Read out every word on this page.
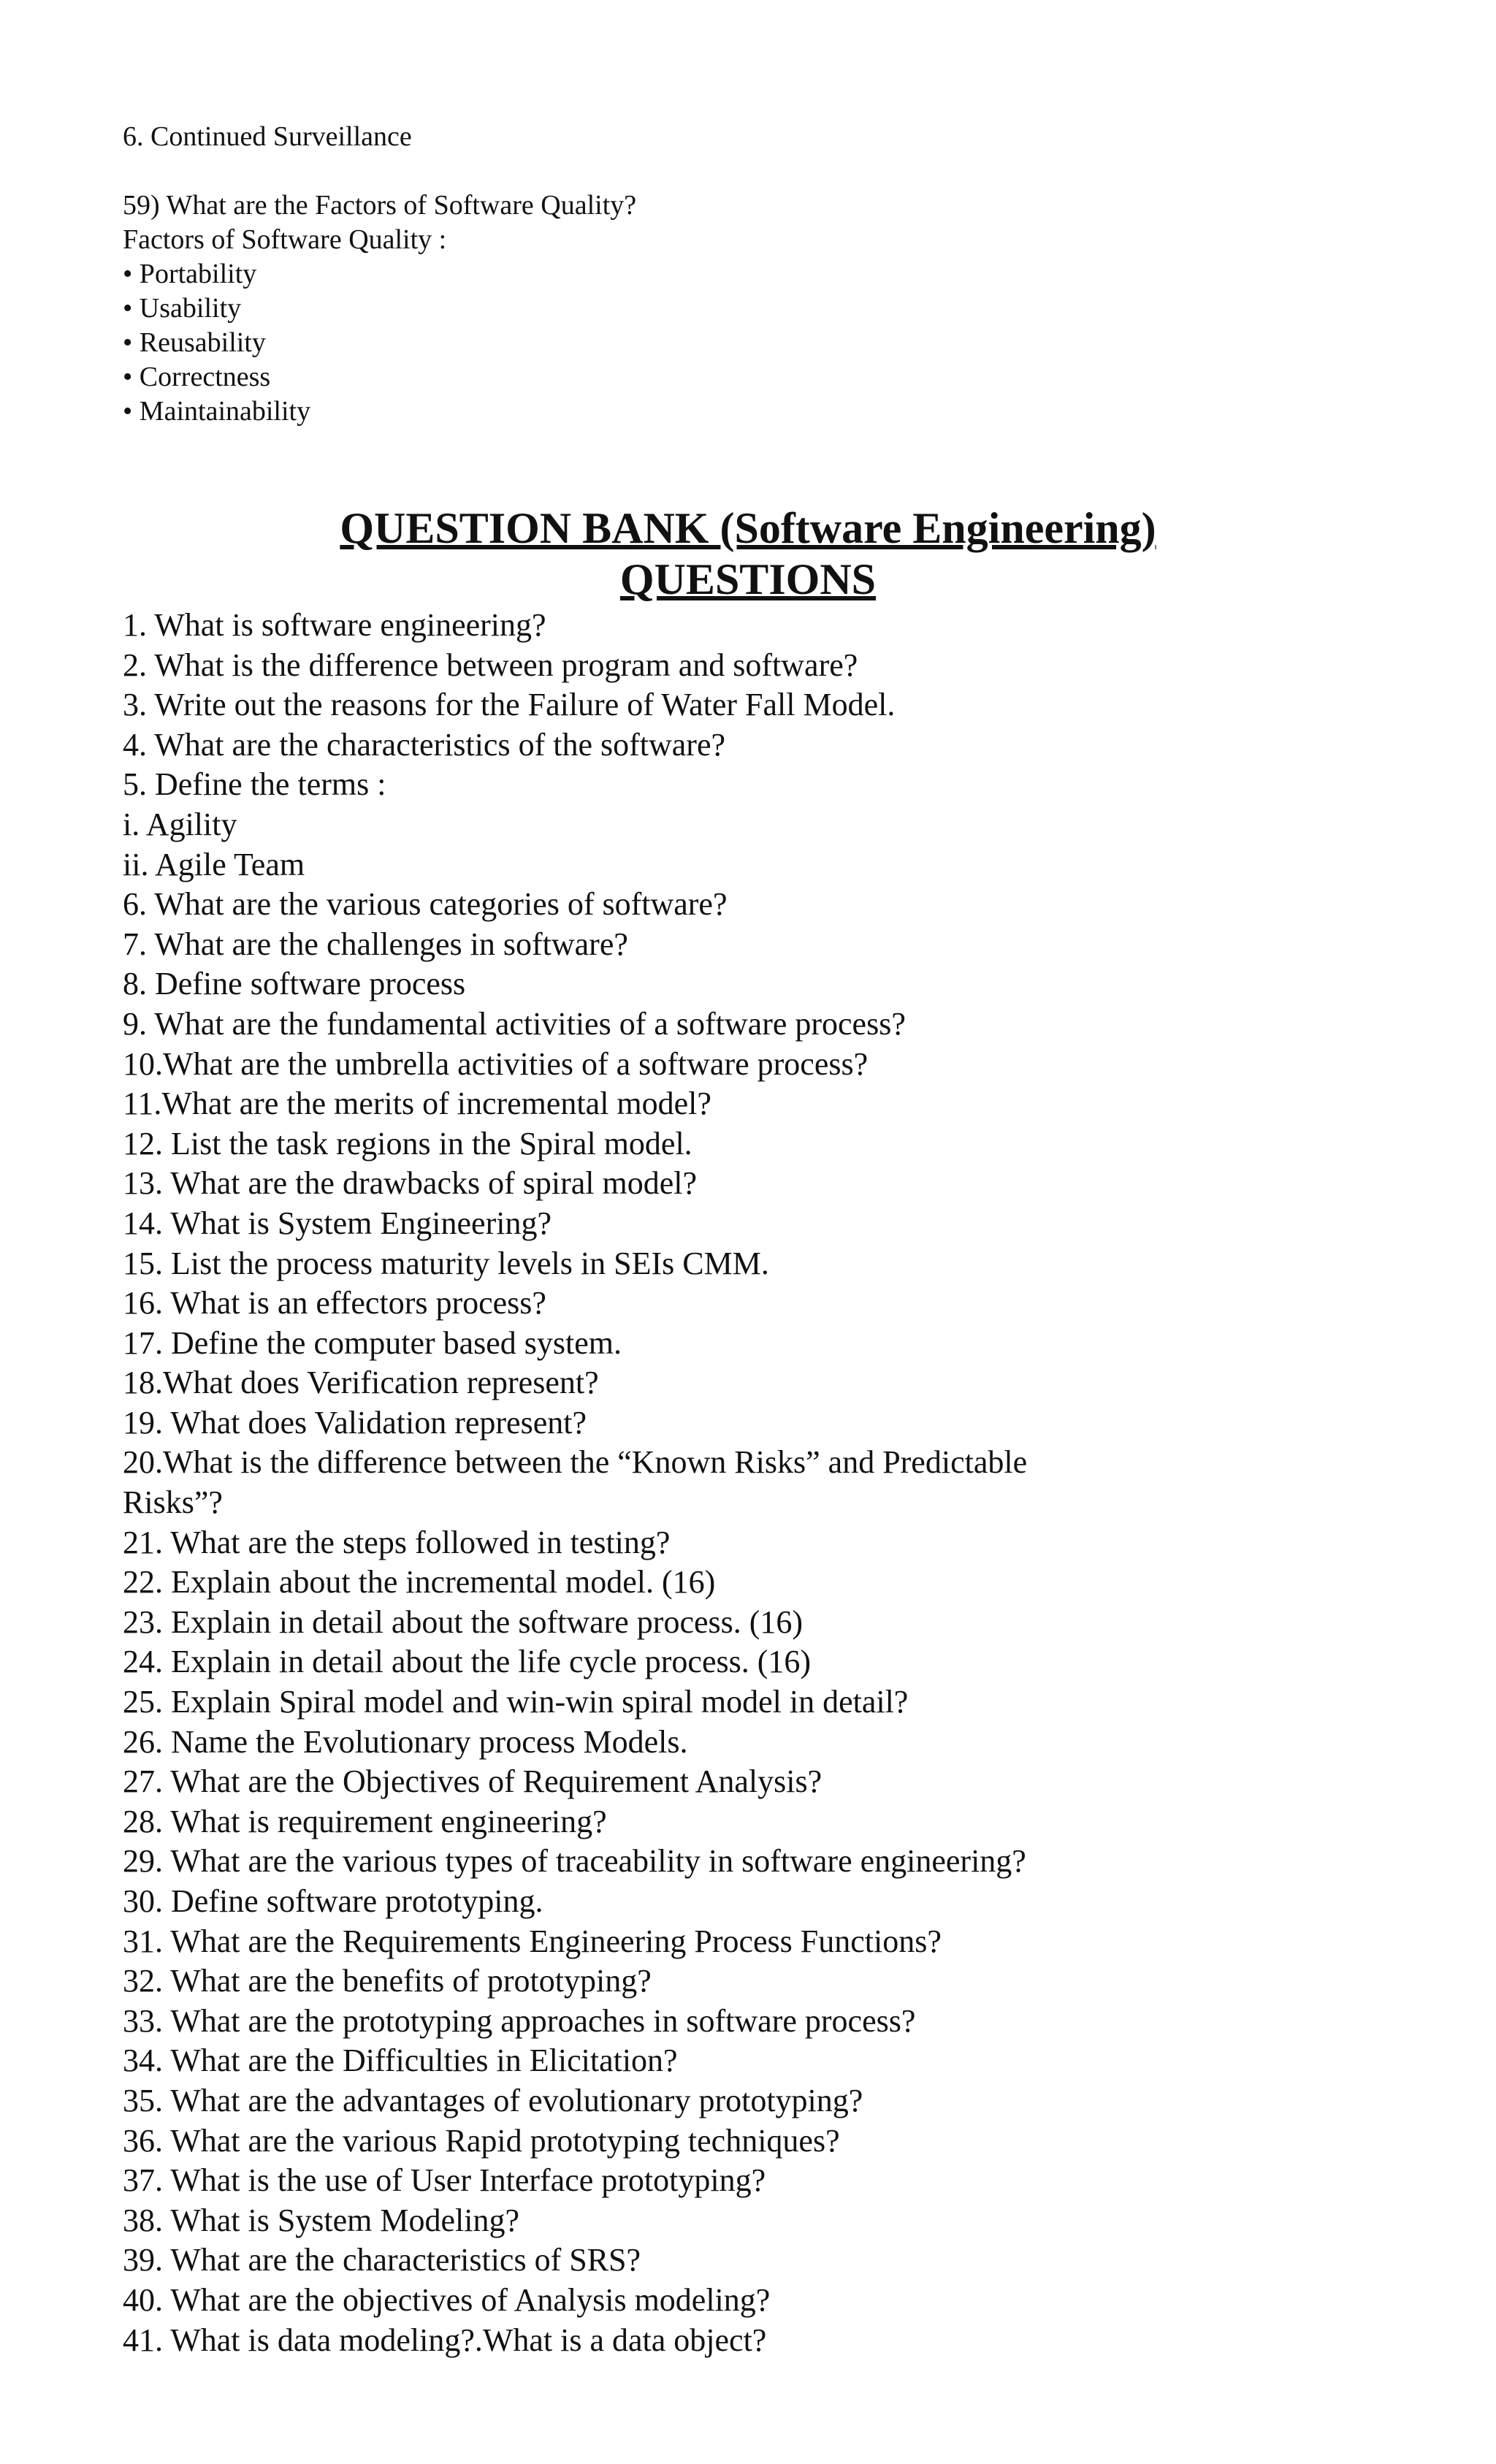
6. Continued Surveillance
59) What are the Factors of Software Quality?
Factors of Software Quality :
• Portability
• Usability
• Reusability
• Correctness
• Maintainability
QUESTION BANK (Software Engineering)
QUESTIONS
1. What is software engineering?
2. What is the difference between program and software?
3. Write out the reasons for the Failure of Water Fall Model.
4. What are the characteristics of the software?
5. Define the terms :
i. Agility
ii. Agile Team
6. What are the various categories of software?
7. What are the challenges in software?
8. Define software process
9. What are the fundamental activities of a software process?
10.What are the umbrella activities of a software process?
11.What are the merits of incremental model?
12. List the task regions in the Spiral model.
13. What are the drawbacks of spiral model?
14. What is System Engineering?
15. List the process maturity levels in SEIs CMM.
16. What is an effectors process?
17. Define the computer based system.
18.What does Verification represent?
19. What does Validation represent?
20.What is the difference between the “Known Risks” and Predictable
Risks”?
21. What are the steps followed in testing?
22. Explain about the incremental model. (16)
23. Explain in detail about the software process. (16)
24. Explain in detail about the life cycle process. (16)
25. Explain Spiral model and win-win spiral model in detail?
26. Name the Evolutionary process Models.
27. What are the Objectives of Requirement Analysis?
28. What is requirement engineering?
29. What are the various types of traceability in software engineering?
30. Define software prototyping.
31. What are the Requirements Engineering Process Functions?
32. What are the benefits of prototyping?
33. What are the prototyping approaches in software process?
34. What are the Difficulties in Elicitation?
35. What are the advantages of evolutionary prototyping?
36. What are the various Rapid prototyping techniques?
37. What is the use of User Interface prototyping?
38. What is System Modeling?
39. What are the characteristics of SRS?
40. What are the objectives of Analysis modeling?
41. What is data modeling?.What is a data object?
